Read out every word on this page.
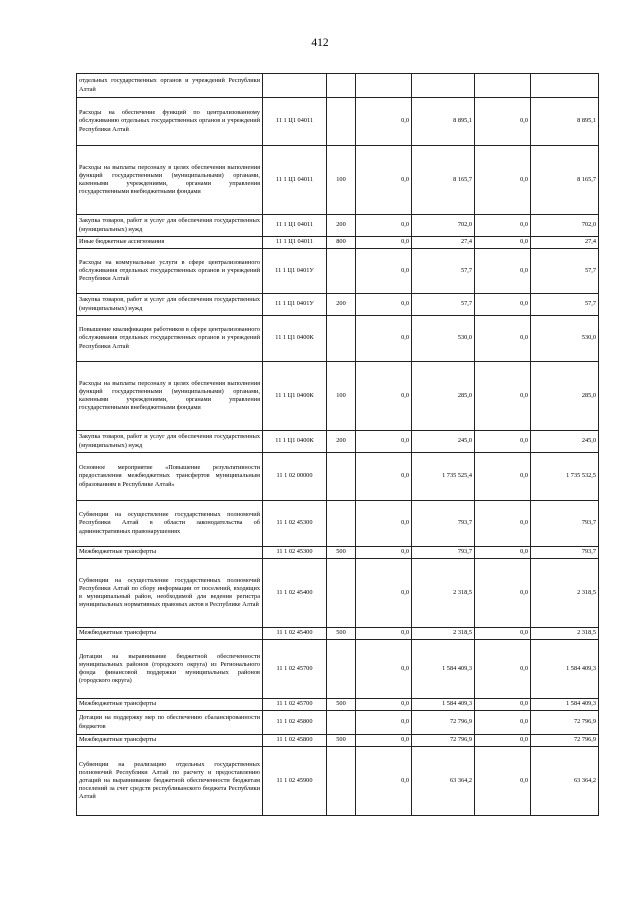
412
отдельных государственных органов и учреждений Республики Алтай						
Расходы на обеспечение функций по централизованному обслуживанию отдельных государственных органов и учреждений Республики Алтай	11 1 Ц1 04011		0,0	8 895,1	0,0	8 895,1
Расходы на выплаты персоналу в целях обеспечения выполнения функций государственными (муниципальными) органами, казенными учреждениями, органами управления государственными внебюджетными фондами	11 1 Ц1 04011	100	0,0	8 165,7	0,0	8 165,7
Закупка товаров, работ и услуг для обеспечения государственных (муниципальных) нужд	11 1 Ц1 04011	200	0,0	702,0	0,0	702,0
Иные бюджетные ассигнования	11 1 Ц1 04011	800	0,0	27,4	0,0	27,4
Расходы на коммунальные услуги в сфере централизованного обслуживания отдельных государственных органов и учреждений Республики Алтай	11 1 Ц1 0401У		0,0	57,7	0,0	57,7
Закупка товаров, работ и услуг для обеспечения государственных (муниципальных) нужд	11 1 Ц1 0401У	200	0,0	57,7	0,0	57,7
Повышение квалификации работников в сфере централизованного обслуживания отдельных государственных органов и учреждений Республики Алтай	11 1 Ц1 0400К		0,0	530,0	0,0	530,0
Расходы на выплаты персоналу в целях обеспечения выполнения функций государственными (муниципальными) органами, казенными учреждениями, органами управления государственными внебюджетными фондами	11 1 Ц1 0400К	100	0,0	285,0	0,0	285,0
Закупка товаров, работ и услуг для обеспечения государственных (муниципальных) нужд	11 1 Ц1 0400К	200	0,0	245,0	0,0	245,0
Основное мероприятие «Повышение результативности предоставления межбюджетных трансфертов муниципальным образованиям в Республике Алтай»	11 1 02 00000		0,0	1 735 525,4	0,0	1 735 532,5
Субвенции на осуществление государственных полномочий Республики Алтай в области законодательства об административных правонарушениях	11 1 02 45300		0,0	793,7	0,0	793,7
Межбюджетные трансферты	11 1 02 45300	500	0,0	793,7	0,0	793,7
Субвенции на осуществление государственных полномочий Республики Алтай по сбору информации от поселений, входящих в муниципальный район, необходимой для ведения регистра муниципальных нормативных правовых актов в Республике Алтай	11 1 02 45400		0,0	2 318,5	0,0	2 318,5
Межбюджетные трансферты	11 1 02 45400	500	0,0	2 318,5	0,0	2 318,5
Дотации на выравнивание бюджетной обеспеченности муниципальных районов (городского округа) из Регионального фонда финансовой поддержки муниципальных районов (городского округа)	11 1 02 45700		0,0	1 584 409,3	0,0	1 584 409,3
Межбюджетные трансферты	11 1 02 45700	500	0,0	1 584 409,3	0,0	1 584 409,3
Дотации на поддержку мер по обеспечению сбалансированности бюджетов	11 1 02 45800		0,0	72 796,9	0,0	72 796,9
Межбюджетные трансферты	11 1 02 45800	500	0,0	72 796,9	0,0	72 796,9
Субвенции на реализацию отдельных государственных полномочий Республики Алтай по расчету и предоставлению дотаций на выравнивание бюджетной обеспеченности бюджетам поселений за счет средств республиканского бюджета Республики Алтай	11 1 02 45900		0,0	63 364,2	0,0	63 364,2
